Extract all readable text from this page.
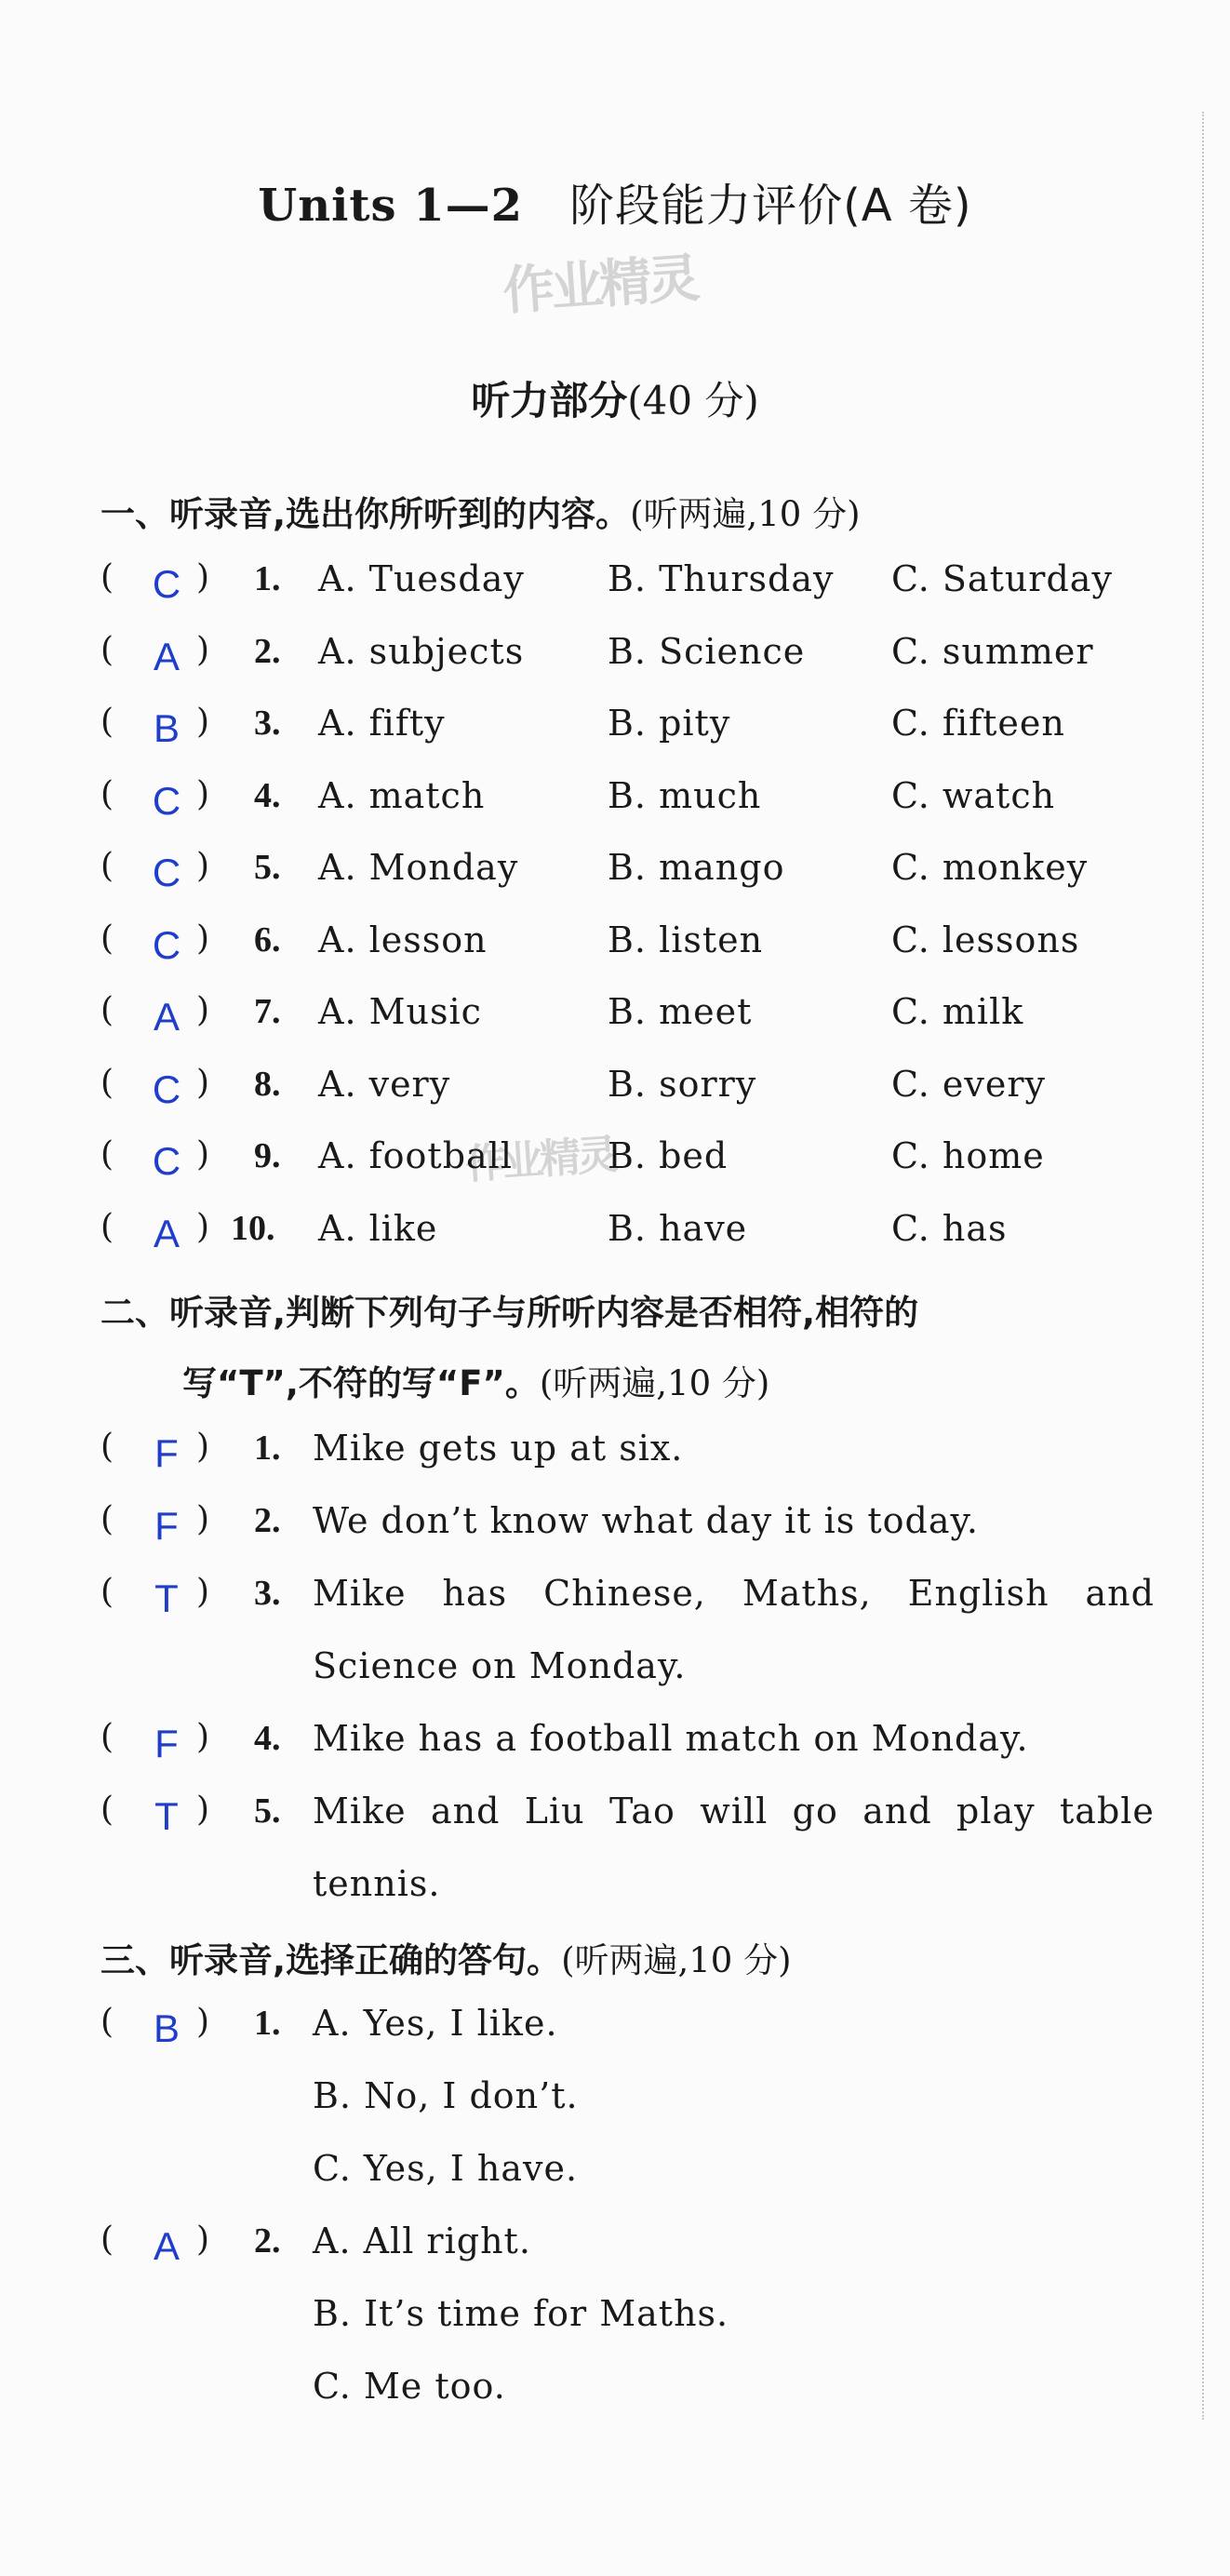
Units 1—2 阶段能力评价(A 卷)
作业精灵
作业精灵
听力部分(40 分)
一、听录音,选出你所听到的内容。(听两遍,10 分)
( C ) 1. A. Tuesday B. Thursday C. Saturday
( A ) 2. A. subjects B. Science C. summer
( B ) 3. A. fifty	B. pity	C. fifteen
( C ) 4. A. match	B. much	C. watch
( C ) 5. A. Monday	B. mango	C. monkey
( C ) 6. A. lesson	B. listen	C. lessons
( A ) 7. A. Music	B. meet	C. milk
( C ) 8. A. very	B. sorry	C. every
( C ) 9. A. football	B. bed	C. home
( A ) 10. A. like	B. have	C. has
二、听录音,判断下列句子与所听内容是否相符,相符的
写“T”,不符的写“F”。(听两遍,10 分)
( F ) 1. Mike gets up at six.
( F ) 2. We don’t know what day it is today.
( T ) 3. Mike has Chinese, Maths, English and
Science on Monday.
( F ) 4. Mike has a football match on Monday.
( T ) 5. Mike and Liu Tao will go and play table
tennis.
三、听录音,选择正确的答句。(听两遍,10 分)
( B ) 1. A. Yes, I like.
B. No, I don’t.
C. Yes, I have.
( A ) 2. A. All right.
B. It’s time for Maths.
C. Me too.
